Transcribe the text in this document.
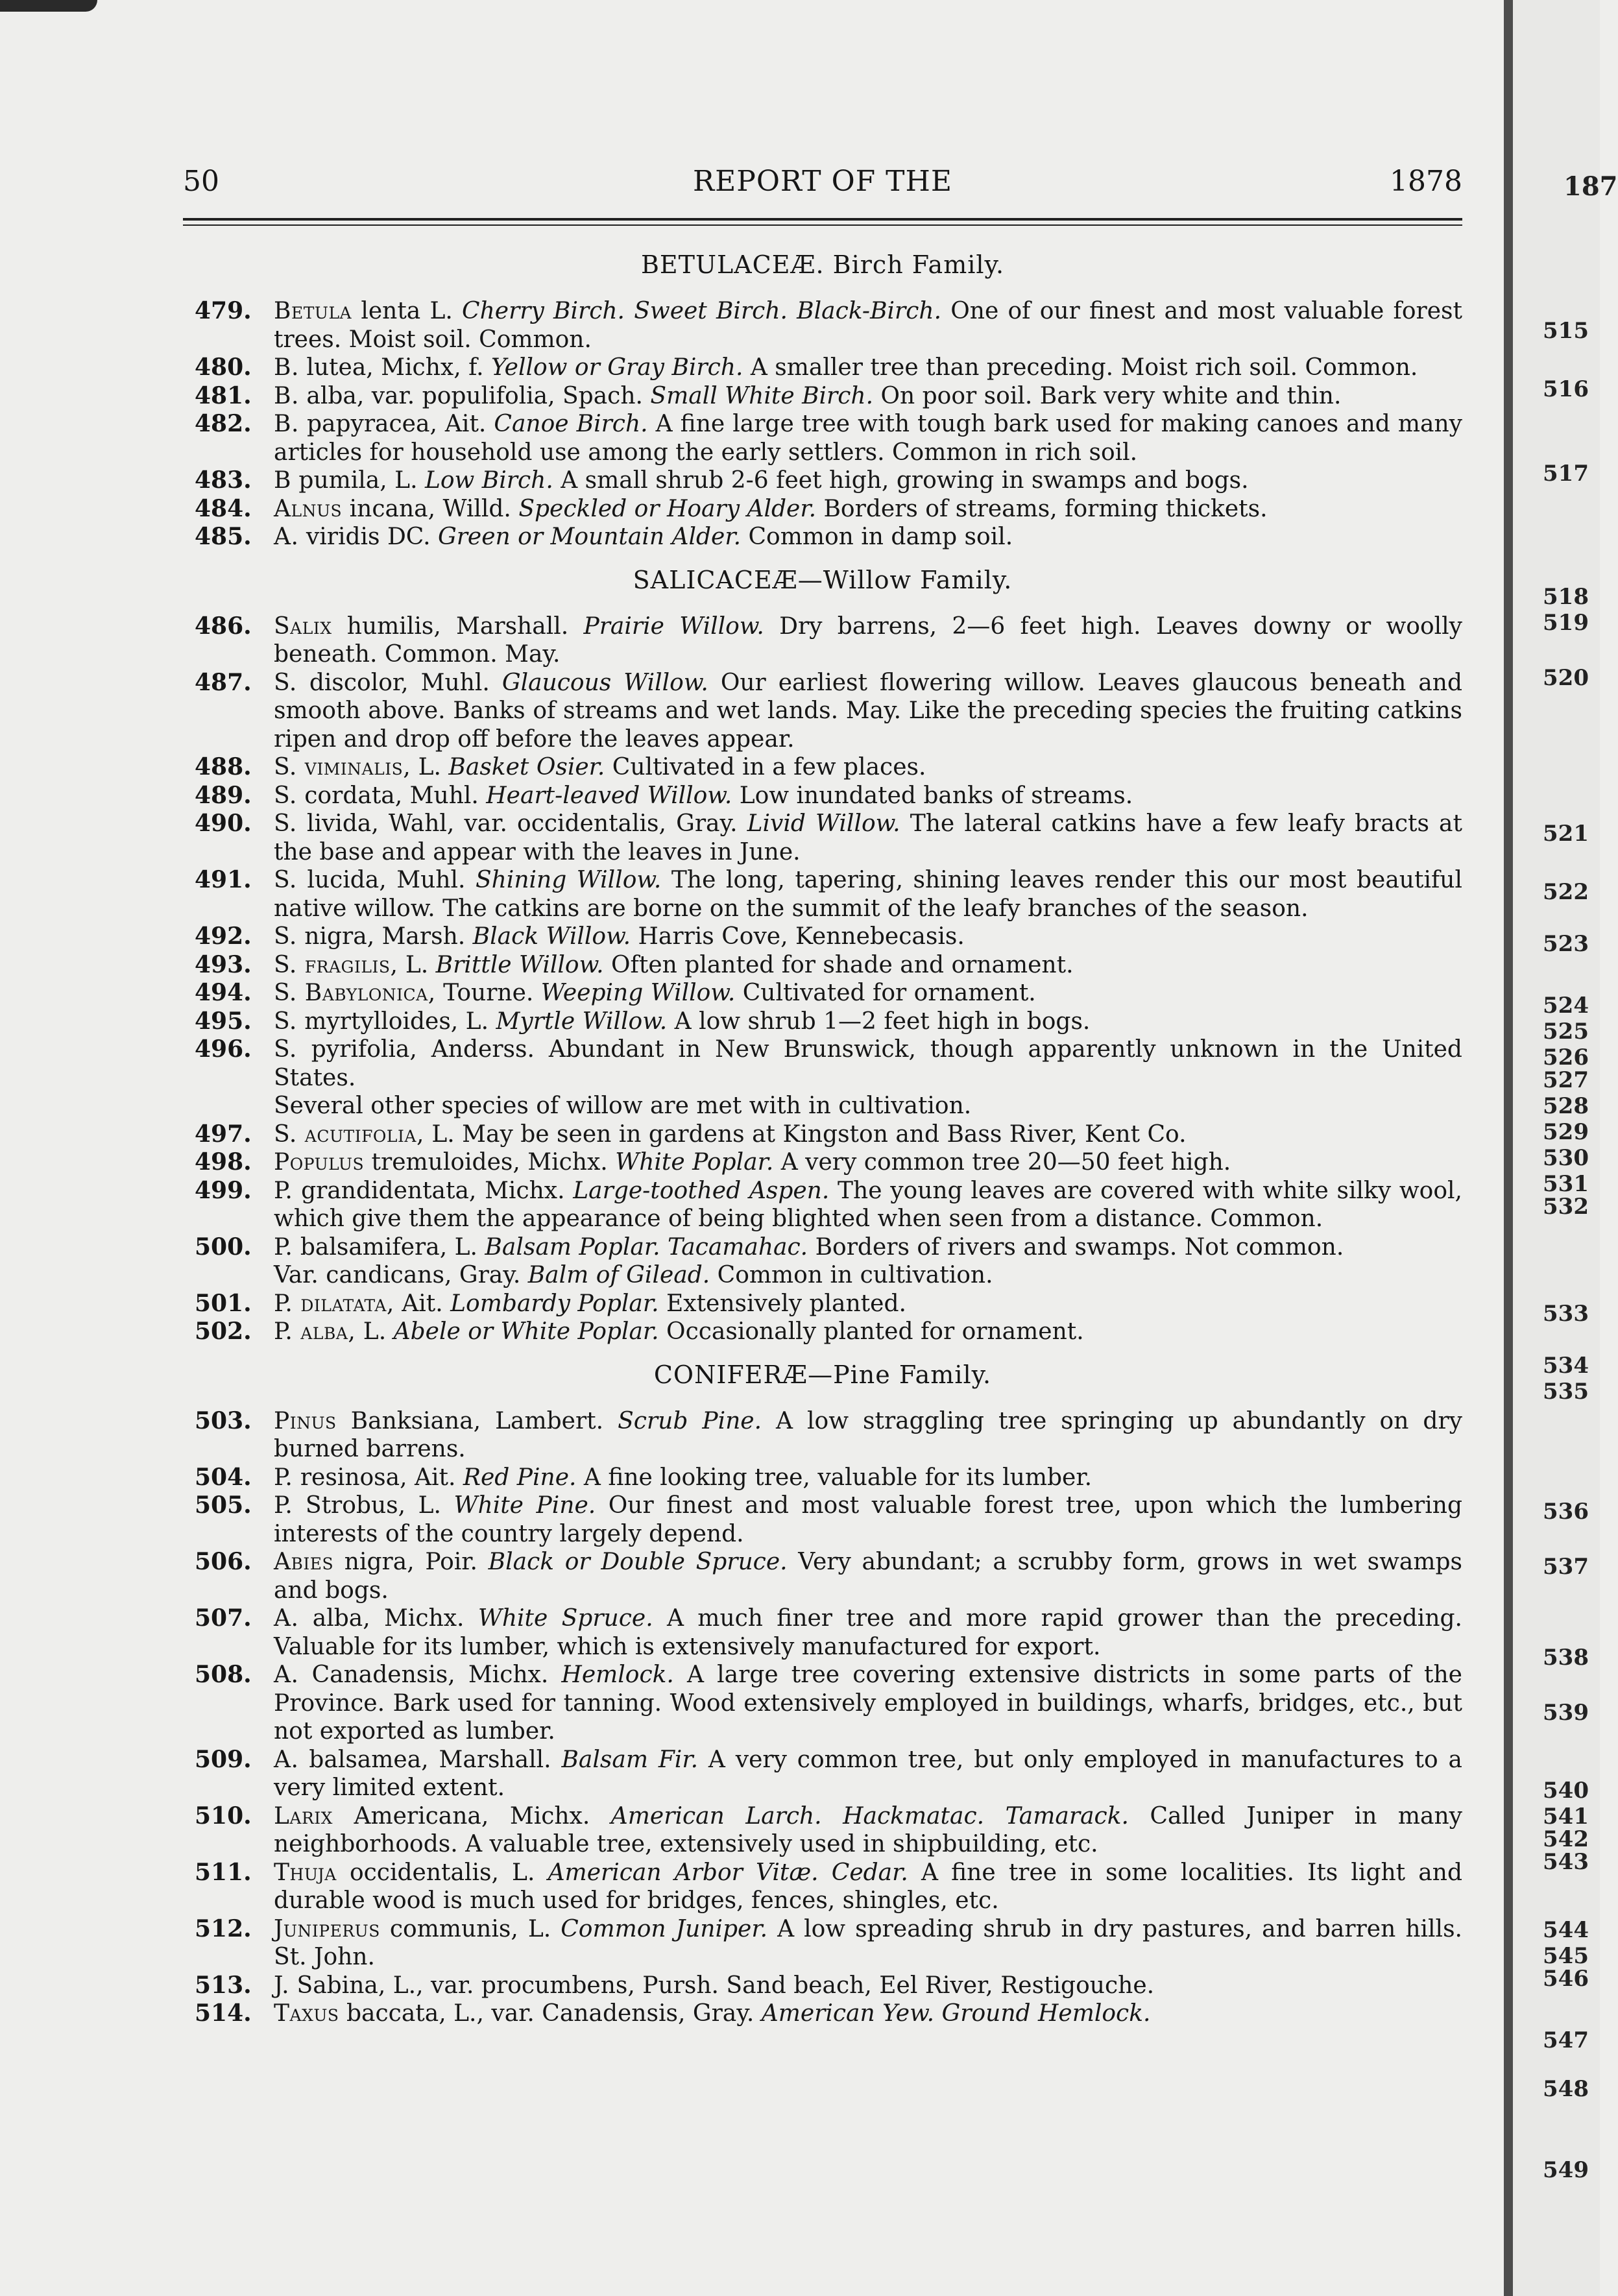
50	REPORT OF THE	1878
BETULACEÆ. Birch Family.
479. Betula lenta L. Cherry Birch. Sweet Birch. Black-Birch. One of our finest and most valuable forest trees. Moist soil. Common.
480. B. lutea, Michx, f. Yellow or Gray Birch. A smaller tree than preceding. Moist rich soil. Common.
481. B. alba, var. populifolia, Spach. Small White Birch. On poor soil. Bark very white and thin.
482. B. papyracea, Ait. Canoe Birch. A fine large tree with tough bark used for making canoes and many articles for household use among the early settlers. Common in rich soil.
483. B pumila, L. Low Birch. A small shrub 2-6 feet high, growing in swamps and bogs.
484. Alnus incana, Willd. Speckled or Hoary Alder. Borders of streams, forming thickets.
485. A. viridis DC. Green or Mountain Alder. Common in damp soil.
SALICACEÆ—Willow Family.
486. Salix humilis, Marshall. Prairie Willow. Dry barrens, 2—6 feet high. Leaves downy or woolly beneath. Common. May.
487. S. discolor, Muhl. Glaucous Willow. Our earliest flowering willow. Leaves glaucous beneath and smooth above. Banks of streams and wet lands. May. Like the preceding species the fruiting catkins ripen and drop off before the leaves appear.
488. S. viminalis, L. Basket Osier. Cultivated in a few places.
489. S. cordata, Muhl. Heart-leaved Willow. Low inundated banks of streams.
490. S. livida, Wahl, var. occidentalis, Gray. Livid Willow. The lateral catkins have a few leafy bracts at the base and appear with the leaves in June.
491. S. lucida, Muhl. Shining Willow. The long, tapering, shining leaves render this our most beautiful native willow. The catkins are borne on the summit of the leafy branches of the season.
492. S. nigra, Marsh. Black Willow. Harris Cove, Kennebecasis.
493. S. fragilis, L. Brittle Willow. Often planted for shade and ornament.
494. S. Babylonica, Tourne. Weeping Willow. Cultivated for ornament.
495. S. myrtylloides, L. Myrtle Willow. A low shrub 1—2 feet high in bogs.
496. S. pyrifolia, Anderss. Abundant in New Brunswick, though apparently unknown in the United States.
Several other species of willow are met with in cultivation.
497. S. acutifolia, L. May be seen in gardens at Kingston and Bass River, Kent Co.
498. Populus tremuloides, Michx. White Poplar. A very common tree 20—50 feet high.
499. P. grandidentata, Michx. Large-toothed Aspen. The young leaves are covered with white silky wool, which give them the appearance of being blighted when seen from a distance. Common.
500. P. balsamifera, L. Balsam Poplar. Tacamahac. Borders of rivers and swamps. Not common.
Var. candicans, Gray. Balm of Gilead. Common in cultivation.
501. P. dilatata, Ait. Lombardy Poplar. Extensively planted.
502. P. alba, L. Abele or White Poplar. Occasionally planted for ornament.
CONIFERÆ—Pine Family.
503. Pinus Banksiana, Lambert. Scrub Pine. A low straggling tree springing up abundantly on dry burned barrens.
504. P. resinosa, Ait. Red Pine. A fine looking tree, valuable for its lumber.
505. P. Strobus, L. White Pine. Our finest and most valuable forest tree, upon which the lumbering interests of the country largely depend.
506. Abies nigra, Poir. Black or Double Spruce. Very abundant; a scrubby form, grows in wet swamps and bogs.
507. A. alba, Michx. White Spruce. A much finer tree and more rapid grower than the preceding. Valuable for its lumber, which is extensively manufactured for export.
508. A. Canadensis, Michx. Hemlock. A large tree covering extensive districts in some parts of the Province. Bark used for tanning. Wood extensively employed in buildings, wharfs, bridges, etc., but not exported as lumber.
509. A. balsamea, Marshall. Balsam Fir. A very common tree, but only employed in manufactures to a very limited extent.
510. Larix Americana, Michx. American Larch. Hackmatac. Tamarack. Called Juniper in many neighborhoods. A valuable tree, extensively used in shipbuilding, etc.
511. Thuja occidentalis, L. American Arbor Vitæ. Cedar. A fine tree in some localities. Its light and durable wood is much used for bridges, fences, shingles, etc.
512. Juniperus communis, L. Common Juniper. A low spreading shrub in dry pastures, and barren hills. St. John.
513. J. Sabina, L., var. procumbens, Pursh. Sand beach, Eel River, Restigouche.
514. Taxus baccata, L., var. Canadensis, Gray. American Yew. Ground Hemlock.
187
515
516
517
518
519
520
521
522
523
524
525
526
527
528
529
530
531
532
533
534
535
536
537
538
539
540
541
542
543
544
545
546
547
548
549
